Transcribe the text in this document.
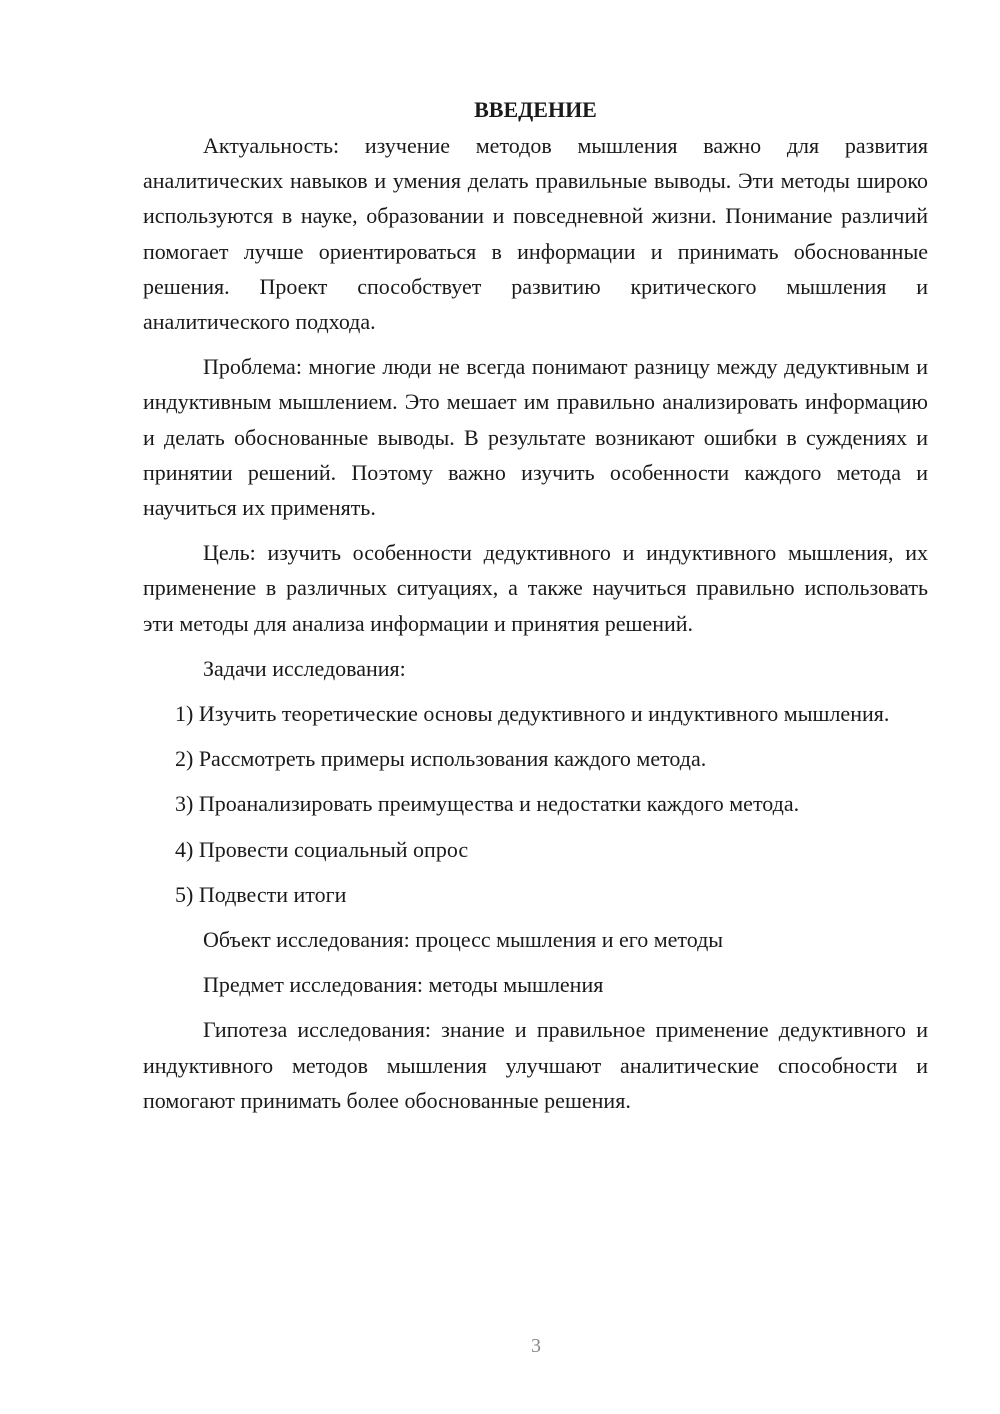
ВВЕДЕНИЕ

Актуальность: изучение методов мышления важно для развития аналитических навыков и умения делать правильные выводы. Эти методы широко используются в науке, образовании и повседневной жизни. Понимание различий помогает лучше ориентироваться в информации и принимать обоснованные решения. Проект способствует развитию критического мышления и аналитического подхода.

Проблема: многие люди не всегда понимают разницу между дедуктивным и индуктивным мышлением. Это мешает им правильно анализировать информацию и делать обоснованные выводы. В результате возникают ошибки в суждениях и принятии решений. Поэтому важно изучить особенности каждого метода и научиться их применять.

Цель: изучить особенности дедуктивного и индуктивного мышления, их применение в различных ситуациях, а также научиться правильно использовать эти методы для анализа информации и принятия решений.

Задачи исследования:

1) Изучить теоретические основы дедуктивного и индуктивного мышления.

2) Рассмотреть примеры использования каждого метода.

3) Проанализировать преимущества и недостатки каждого метода.

4) Провести социальный опрос

5) Подвести итоги

Объект исследования: процесс мышления и его методы

Предмет исследования: методы мышления

Гипотеза исследования: знание и правильное применение дедуктивного и индуктивного методов мышления улучшают аналитические способности и помогают принимать более обоснованные решения.

3
